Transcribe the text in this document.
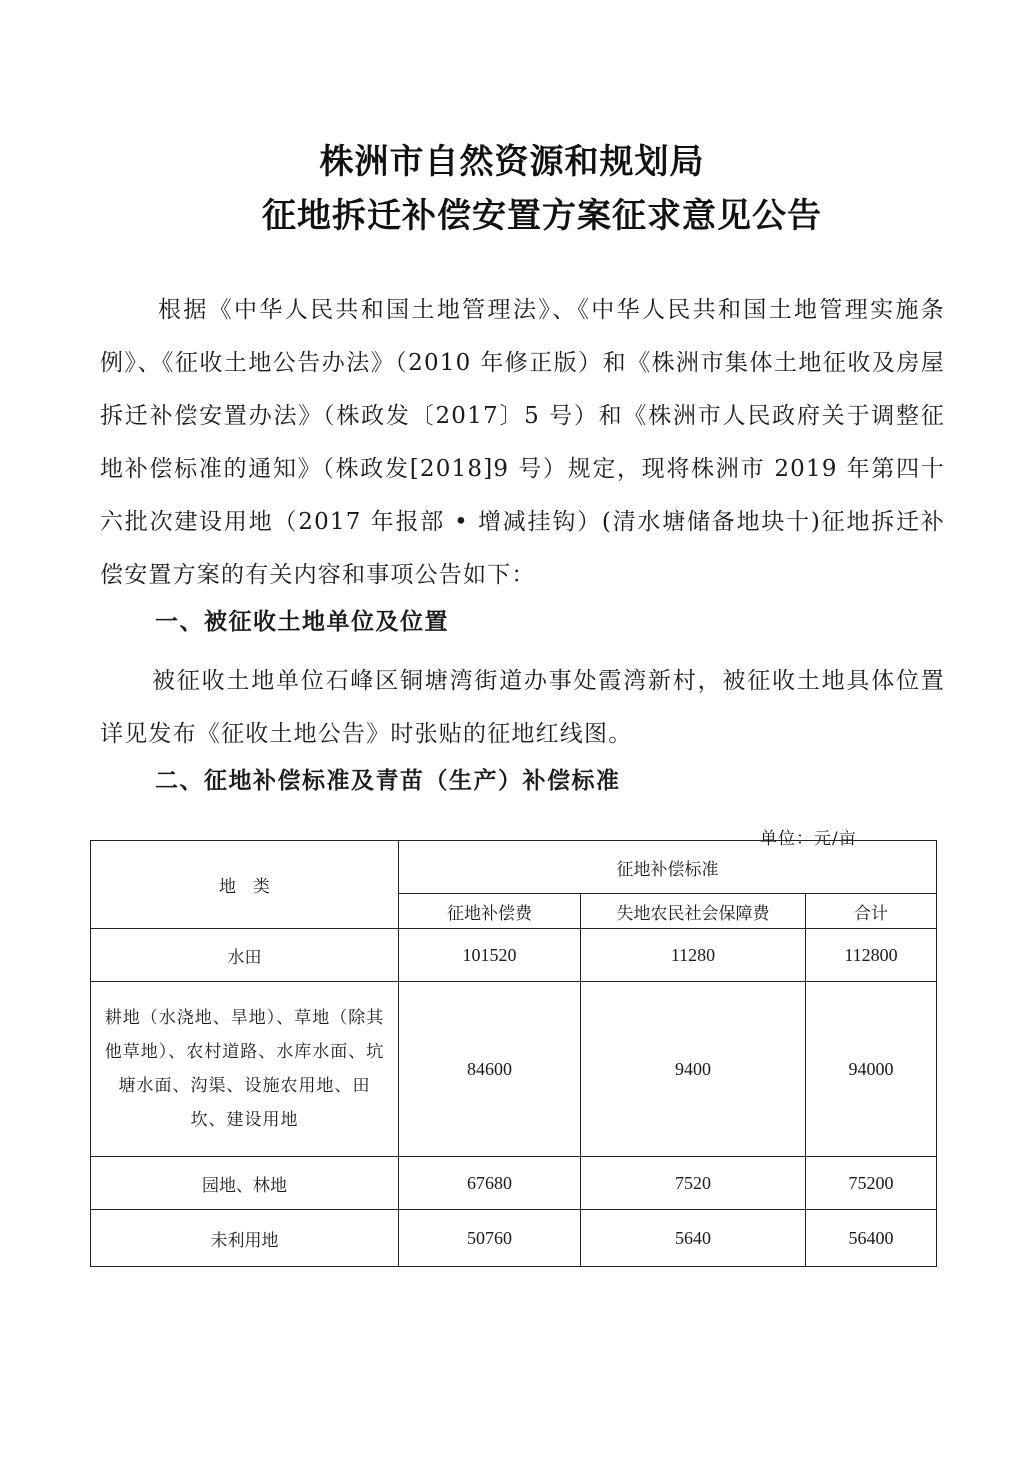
株洲市自然资源和规划局
征地拆迁补偿安置方案征求意见公告

根据《中华人民共和国土地管理法》、《中华人民共和国土地管理实施条例》、《征收土地公告办法》（2010 年修正版）和《株洲市集体土地征收及房屋拆迁补偿安置办法》（株政发〔2017〕5 号）和《株洲市人民政府关于调整征地补偿标准的通知》（株政发[2018]9 号）规定，现将株洲市 2019 年第四十六批次建设用地（2017 年报部 • 增减挂钩）(清水塘储备地块十)征地拆迁补偿安置方案的有关内容和事项公告如下：

一、被征收土地单位及位置

被征收土地单位石峰区铜塘湾街道办事处霞湾新村，被征收土地具体位置详见发布《征收土地公告》时张贴的征地红线图。

二、征地补偿标准及青苗（生产）补偿标准

单位：元/亩
地　类	征地补偿标准		
	征地补偿费	失地农民社会保障费	合计
水田	101520	11280	112800
耕地（水浇地、旱地）、草地（除其他草地）、农村道路、水库水面、坑塘水面、沟渠、设施农用地、田坎、建设用地	84600	9400	94000
园地、林地	67680	7520	75200
未利用地	50760	5640	56400
